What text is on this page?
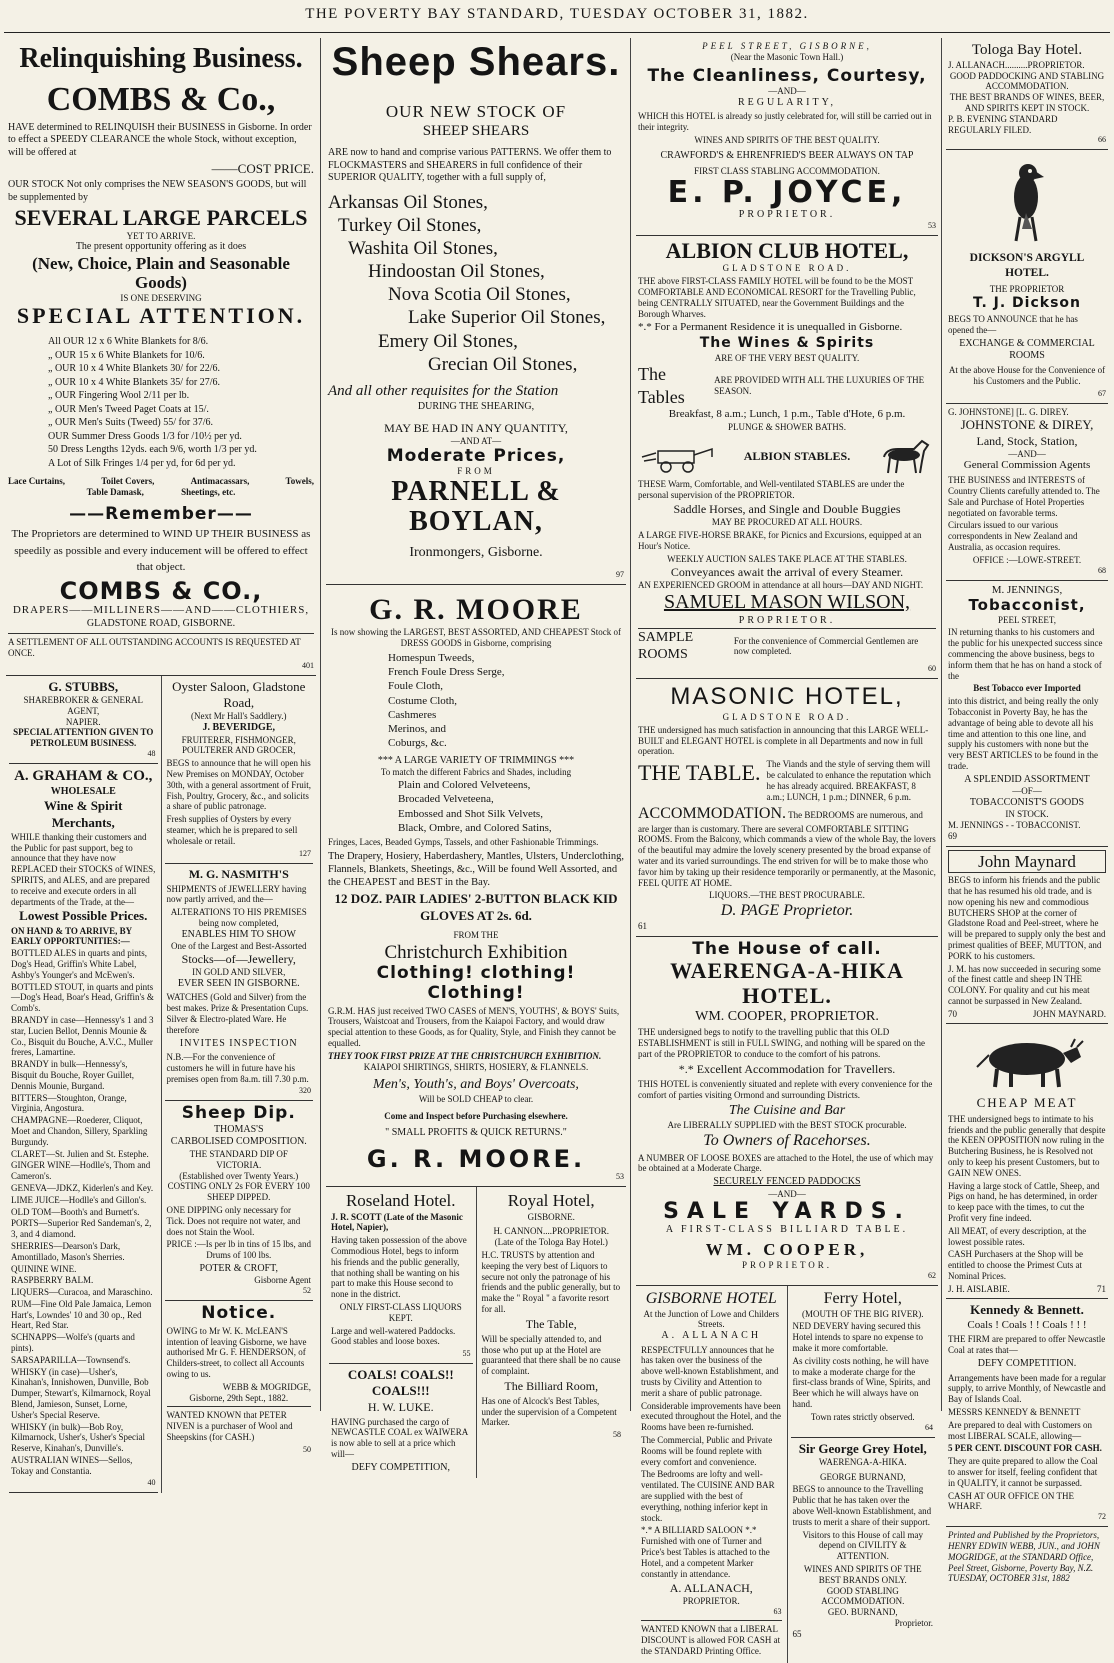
THE POVERTY BAY STANDARD, TUESDAY OCTOBER 31, 1882.
Relinquishing Business.
COMBS & Co.,

HAVE determined to RELINQUISH their BUSINESS in Gisborne. In order to effect a SPEEDY CLEARANCE the whole Stock, without exception, will be offered at

——COST PRICE.

OUR STOCK Not only comprises the NEW SEASON'S GOODS, but will be supplemented by

SEVERAL LARGE PARCELS
YET TO ARRIVE.
The present opportunity offering as it does
(New, Choice, Plain and Seasonable Goods)
IS ONE DESERVING
SPECIAL ATTENTION.
All OUR 12 x 6 White Blankets for 8/6.
„ OUR 15 x 6 White Blankets for 10/6.
„ OUR 10 x 4 White Blankets 30/ for 22/6.
„ OUR 10 x 4 White Blankets 35/ for 27/6.
„ OUR Fingering Wool 2/11 per lb.
„ OUR Men's Tweed Paget Coats at 15/.
„ OUR Men's Suits (Tweed) 55/ for 37/6.
OUR Summer Dress Goods 1/3 for /10½ per yd.
50 Dress Lengths 12yds. each 9/6, worth 1/3 per yd.
A Lot of Silk Fringes 1/4 per yd, for 6d per yd.
Lace Curtains,	Toilet Covers,	Antimacassars,	Towels,
Table Damask,	Sheetings, etc.
——Remember——

The Proprietors are determined to WIND UP THEIR BUSINESS as speedily as possible and every inducement will be offered to effect that object.

COMBS & CO.,
DRAPERS——MILLINERS——AND——CLOTHIERS,
GLADSTONE ROAD, GISBORNE.

A SETTLEMENT OF ALL OUTSTANDING ACCOUNTS IS REQUESTED AT ONCE.

401
G. STUBBS,
SHAREBROKER & GENERAL AGENT,
NAPIER.
SPECIAL ATTENTION GIVEN TO PETROLEUM BUSINESS.
48
A. GRAHAM & CO.,
WHOLESALE
Wine & Spirit Merchants,

WHILE thanking their customers and the Public for past support, beg to announce that they have now REPLACED their STOCKS of WINES, SPIRITS, and ALES, and are prepared to receive and execute orders in all departments of the Trade, at the—

Lowest Possible Prices.

ON HAND & TO ARRIVE, BY EARLY OPPORTUNITIES:—

BOTTLED ALES in quarts and pints, Dog's Head, Griffin's White Label, Ashby's Younger's and McEwen's.

BOTTLED STOUT, in quarts and pints—Dog's Head, Boar's Head, Griffin's & Comb's.

BRANDY in case—Hennessy's 1 and 3 star, Lucien Bellot, Dennis Mounie & Co., Bisquit du Bouche, A.V.C., Muller freres, Lamartine.

BRANDY in bulk—Hennessy's, Bisquit du Bouche, Royer Guillet, Dennis Mounie, Burgand.

BITTERS—Stoughton, Orange, Virginia, Angostura.

CHAMPAGNE—Roederer, Cliquot, Moet and Chandon, Sillery, Sparkling Burgundy.

CLARET—St. Julien and St. Estephe.

GINGER WINE—Hodlle's, Thom and Cameron's.

GENEVA—JDKZ, Kiderlen's and Key.

LIME JUICE—Hodlle's and Gillon's.

OLD TOM—Booth's and Burnett's.

PORTS—Superior Red Sandeman's, 2, 3, and 4 diamond.

SHERRIES—Dearson's Dark, Amontillado, Mason's Sherries.

QUININE WINE.

RASPBERRY BALM.

LIQUERS—Curacoa, and Maraschino.

RUM—Fine Old Pale Jamaica, Lemon Hart's, Lowndes' 10 and 30 op., Red Heart, Red Star.

SCHNAPPS—Wolfe's (quarts and pints).

SARSAPARILLA—Townsend's.

WHISKY (in case)—Usher's, Kinahan's, Innishowen, Dunville, Bob Dumper, Stewart's, Kilmarnock, Royal Blend, Jamieson, Sunset, Lorne, Usher's Special Reserve.

WHISKY (in bulk)—Bob Roy, Kilmarnock, Usher's, Usher's Special Reserve, Kinahan's, Dunville's.

AUSTRALIAN WINES—Sellos, Tokay and Constantia.

40
Oyster Saloon, Gladstone Road,
(Next Mr Hall's Saddlery.)
J. BEVERIDGE,
FRUITERER, FISHMONGER, POULTERER AND GROCER,

BEGS to announce that he will open his New Premises on MONDAY, October 30th, with a general assortment of Fruit, Fish, Poultry, Grocery, &c., and solicits a share of public patronage.

Fresh supplies of Oysters by every steamer, which he is prepared to sell wholesale or retail.

127
M. G. NASMITH'S

SHIPMENTS of JEWELLERY having now partly arrived, and the—

ALTERATIONS TO HIS PREMISES
being now completed,
ENABLES HIM TO SHOW
One of the Largest and Best-Assorted
Stocks—of—Jewellery,
IN GOLD AND SILVER,
EVER SEEN IN GISBORNE.

WATCHES (Gold and Silver) from the best makes. Prize & Presentation Cups. Silver & Electro-plated Ware. He therefore

INVITES INSPECTION

N.B.—For the convenience of customers he will in future have his premises open from 8a.m. till 7.30 p.m.

320
Sheep Dip.
THOMAS'S
CARBOLISED COMPOSITION.
THE STANDARD DIP OF VICTORIA.
(Established over Twenty Years.)
COSTING ONLY 2s FOR EVERY 100
SHEEP DIPPED.

ONE DIPPING only necessary for Tick. Does not require not water, and does not Stain the Wool.

PRICE :—Is per lb in tins of 15 lbs, and Drums of 100 lbs.

POTER & CROFT,
Gisborne Agent
52
Notice.

OWING to Mr W. K. McLEAN'S intention of leaving Gisborne, we have authorised Mr G. F. HENDERSON, of Childers-street, to collect all Accounts owing to us.

WEBB & MOGRIDGE,
Gisborne, 29th Sept., 1882.

WANTED KNOWN that PETER NIVEN is a purchaser of Wool and Sheepskins (for CASH.)

50
Sheep Shears.
OUR NEW STOCK OF
SHEEP SHEARS

ARE now to hand and comprise various PATTERNS. We offer them to FLOCKMASTERS and SHEARERS in full confidence of their SUPERIOR QUALITY, together with a full supply of,

Arkansas Oil Stones,
Turkey Oil Stones,
Washita Oil Stones,
Hindoostan Oil Stones,
Nova Scotia Oil Stones,
Lake Superior Oil Stones,
Emery Oil Stones,
Grecian Oil Stones,
And all other requisites for the Station
DURING THE SHEARING,
MAY BE HAD IN ANY QUANTITY,
—AND AT—
Moderate Prices,
FROM
PARNELL & BOYLAN,
Ironmongers, Gisborne.
97
G. R. MOORE

Is now showing the LARGEST, BEST ASSORTED, AND CHEAPEST Stock of DRESS GOODS in Gisborne, comprising

Homespun Tweeds,
French Foule Dress Serge,
Foule Cloth,
Costume Cloth,
Cashmeres
Merinos, and
Coburgs, &c.
*** A LARGE VARIETY OF TRIMMINGS ***
To match the different Fabrics and Shades, including
Plain and Colored Velveteens,
Brocaded Velveteena,
Embossed and Shot Silk Velvets,
Black, Ombre, and Colored Satins,

Fringes, Laces, Beaded Gymps, Tassels, and other Fashionable Trimmings.

The Drapery, Hosiery, Haberdashery, Mantles, Ulsters, Underclothing, Flannels, Blankets, Sheetings, &c., Will be found Well Assorted, and the CHEAPEST and BEST in the Bay.

12 DOZ. PAIR LADIES' 2-BUTTON BLACK KID GLOVES AT 2s. 6d.
FROM THE
Christchurch Exhibition
Clothing! clothing! Clothing!

G.R.M. HAS just received TWO CASES of MEN'S, YOUTHS', & BOYS' Suits, Trousers, Waistcoat and Trousers, from the Kaiapoi Factory, and would draw special attention to these Goods, as for Quality, Style, and Finish they cannot be equalled.

THEY TOOK FIRST PRIZE AT THE CHRISTCHURCH EXHIBITION.
KAIAPOI SHIRTINGS, SHIRTS, HOSIERY, & FLANNELS.
Men's, Youth's, and Boys' Overcoats,
Will be SOLD CHEAP to clear.
Come and Inspect before Purchasing elsewhere.
" SMALL PROFITS & QUICK RETURNS."
G. R. MOORE.
53
Roseland Hotel.
J. R. SCOTT (Late of the Masonic Hotel, Napier),

Having taken possession of the above Commodious Hotel, begs to inform his friends and the public generally, that nothing shall be wanting on his part to make this House second to none in the district.

ONLY FIRST-CLASS LIQUORS KEPT.

Large and well-watered Paddocks. Good stables and loose boxes.

55
COALS! COALS!! COALS!!!
H. W. LUKE.

HAVING purchased the cargo of NEWCASTLE COAL ex WAIWERA is now able to sell at a price which will—

DEFY COMPETITION,
Royal Hotel,
GISBORNE.
H. CANNON....PROPRIETOR.
(Late of the Tologa Bay Hotel.)

H.C. TRUSTS by attention and keeping the very best of Liquors to secure not only the patronage of his friends and the public generally, but to make the " Royal " a favorite resort for all.

The Table,

Will be specially attended to, and those who put up at the Hotel are guaranteed that there shall be no cause of complaint.

The Billiard Room,

Has one of Alcock's Best Tables, under the supervision of a Competent Marker.

58
PEEL STREET, GISBORNE,
(Near the Masonic Town Hall.)
The Cleanliness, Courtesy,
—AND—
REGULARITY,

WHICH this HOTEL is already so justly celebrated for, will still be carried out in their integrity.

WINES AND SPIRITS OF THE BEST QUALITY.
CRAWFORD'S & EHRENFRIED'S BEER ALWAYS ON TAP
FIRST CLASS STABLING ACCOMMODATION.
E. P. JOYCE,
PROPRIETOR.
53
ALBION CLUB HOTEL,
GLADSTONE ROAD.

THE above FIRST-CLASS FAMILY HOTEL will be found to be the MOST COMFORTABLE AND ECONOMICAL RESORT for the Travelling Public, being CENTRALLY SITUATED, near the Government Buildings and the Borough Wharves.

*.* For a Permanent Residence it is unequalled in Gisborne.
The Wines & Spirits
ARE OF THE VERY BEST QUALITY.
The Tables
ARE PROVIDED WITH ALL THE LUXURIES OF THE SEASON.
Breakfast, 8 a.m.; Lunch, 1 p.m., Table d'Hote, 6 p.m.
PLUNGE & SHOWER BATHS.
ALBION STABLES.

THESE Warm, Comfortable, and Well-ventilated STABLES are under the personal supervision of the PROPRIETOR.

Saddle Horses, and Single and Double Buggies
MAY BE PROCURED AT ALL HOURS.

A LARGE FIVE-HORSE BRAKE, for Picnics and Excursions, equipped at an Hour's Notice.

WEEKLY AUCTION SALES TAKE PLACE AT THE STABLES.
Conveyances await the arrival of every Steamer.
AN EXPERIENCED GROOM in attendance at all hours—DAY AND NIGHT.
SAMUEL MASON WILSON,
PROPRIETOR.
SAMPLE ROOMS
For the convenience of Commercial Gentlemen are now completed.
60
MASONIC HOTEL,
GLADSTONE ROAD.

THE undersigned has much satisfaction in announcing that this LARGE WELL-BUILT and ELEGANT HOTEL is complete in all Departments and now in full operation.

THE TABLE. The Viands and the style of serving them will be calculated to enhance the reputation which he has already acquired. BREAKFAST, 8 a.m.; LUNCH, 1 p.m.; DINNER, 6 p.m.

ACCOMMODATION. The BEDROOMS are numerous, and are larger than is customary. There are several COMFORTABLE SITTING ROOMS. From the Balcony, which commands a view of the whole Bay, the lovers of the beautiful may admire the lovely scenery presented by the broad expanse of water and its varied surroundings. The end striven for will be to make those who favor him by taking up their residence temporarily or permanently, at the Masonic, FEEL QUITE AT HOME.

LIQUORS.—THE BEST PROCURABLE.
D. PAGE Proprietor.
61
The House of call.
WAERENGA-A-HIKA HOTEL.
WM. COOPER, PROPRIETOR.

THE undersigned begs to notify to the travelling public that this OLD ESTABLISHMENT is still in FULL SWING, and nothing will be spared on the part of the PROPRIETOR to conduce to the comfort of his patrons.

*.* Excellent Accommodation for Travellers.

THIS HOTEL is conveniently situated and replete with every convenience for the comfort of parties visiting Ormond and surrounding Districts.

The Cuisine and Bar
Are LIBERALLY SUPPLIED with the BEST STOCK procurable.
To Owners of Racehorses.

A NUMBER OF LOOSE BOXES are attached to the Hotel, the use of which may be obtained at a Moderate Charge.

SECURELY FENCED PADDOCKS
—AND—
SALE YARDS.
A FIRST-CLASS BILLIARD TABLE.
WM. COOPER,
PROPRIETOR.
62
GISBORNE HOTEL
At the Junction of Lowe and Childers Streets.
A. ALLANACH

RESPECTFULLY announces that he has taken over the business of the above well-known Establishment, and trusts by Civility and Attention to merit a share of public patronage.

Considerable improvements have been executed throughout the Hotel, and the Rooms have been re-furnished.

The Commercial, Public and Private Rooms will be found replete with every comfort and convenience.

The Bedrooms are lofty and well-ventilated. The CUISINE AND BAR are supplied with the best of everything, nothing inferior kept in stock.

*.* A BILLIARD SALOON *.* Furnished with one of Turner and Price's best Tables is attached to the Hotel, and a competent Marker constantly in attendance.

A. ALLANACH,
PROPRIETOR.
63

WANTED KNOWN that a LIBERAL DISCOUNT is allowed FOR CASH at the STANDARD Printing Office.

Ferry Hotel,
(MOUTH OF THE BIG RIVER).

NED DEVERY having secured this Hotel intends to spare no expense to make it more comfortable.

As civility costs nothing, he will have to make a moderate charge for the first-class brands of Wine, Spirits, and Beer which he will always have on hand.

Town rates strictly observed.
64
Sir George Grey Hotel,
WAERENGA-A-HIKA.
GEORGE BURNAND,

BEGS to announce to the Travelling Public that he has taken over the above Well-known Establishment, and trusts to merit a share of their support.

Visitors to this House of call may depend on CIVILITY & ATTENTION.

WINES AND SPIRITS OF THE BEST BRANDS ONLY.
GOOD STABLING ACCOMMODATION.
GEO. BURNAND,
Proprietor.
65
Tologa Bay Hotel.
J. ALLANACH..........PROPRIETOR.
GOOD PADDOCKING AND STABLING ACCOMMODATION.
THE BEST BRANDS OF WINES, BEER, AND SPIRITS KEPT IN STOCK.
P. B. EVENING STANDARD REGULARLY FILED.
66
DICKSON'S ARGYLL HOTEL.
THE PROPRIETOR
T. J. Dickson

BEGS TO ANNOUNCE that he has opened the—

EXCHANGE & COMMERCIAL ROOMS

At the above House for the Convenience of his Customers and the Public.

67
G. JOHNSTONE] [L. G. DIREY.
JOHNSTONE & DIREY,
Land, Stock, Station,
—AND—
General Commission Agents

THE BUSINESS and INTERESTS of Country Clients carefully attended to. The Sale and Purchase of Hotel Properties negotiated on favorable terms.

Circulars issued to our various correspondents in New Zealand and Australia, as occasion requires.

OFFICE :—LOWE-STREET.
68
M. JENNINGS,
Tobacconist,
PEEL STREET,

IN returning thanks to his customers and the public for his unexpected success since commencing the above business, begs to inform them that he has on hand a stock of the

Best Tobacco ever Imported

into this district, and being really the only Tobacconist in Poverty Bay, he has the advantage of being able to devote all his time and attention to this one line, and supply his customers with none but the very BEST ARTICLES to be found in the trade.

A SPLENDID ASSORTMENT
—OF—
TOBACCONIST'S GOODS
IN STOCK.
M. JENNINGS - - TOBACCONIST.
69
John Maynard

BEGS to inform his friends and the public that he has resumed his old trade, and is now opening his new and commodious BUTCHERS SHOP at the corner of Gladstone Road and Peel-street, where he will be prepared to supply only the best and primest qualities of BEEF, MUTTON, and PORK to his customers.

J. M. has now succeeded in securing some of the finest cattle and sheep IN THE COLONY. For quality and cut his meat cannot be surpassed in New Zealand.

70	JOHN MAYNARD.
CHEAP MEAT

THE undersigned begs to intimate to his friends and the public generally that despite the KEEN OPPOSITION now ruling in the Butchering Business, he is Resolved not only to keep his present Customers, but to GAIN NEW ONES.

Having a large stock of Cattle, Sheep, and Pigs on hand, he has determined, in order to keep pace with the times, to cut the Profit very fine indeed.

All MEAT, of every description, at the lowest possible rates.

CASH Purchasers at the Shop will be entitled to choose the Primest Cuts at Nominal Prices.

J. H. AISLABIE.	71
Kennedy & Bennett.
Coals ! Coals ! ! Coals ! ! !

THE FIRM are prepared to offer Newcastle Coal at rates that—

DEFY COMPETITION.

Arrangements have been made for a regular supply, to arrive Monthly, of Newcastle and Bay of Islands Coal.

MESSRS KENNEDY & BENNETT

Are prepared to deal with Customers on most LIBERAL SCALE, allowing—

5 PER CENT. DISCOUNT FOR CASH.

They are quite prepared to allow the Coal to answer for itself, feeling confident that in QUALITY, it cannot be surpassed.

CASH AT OUR OFFICE ON THE WHARF.
72
Printed and Published by the Proprietors, HENRY EDWIN WEBB, JUN., and JOHN MOGRIDGE, at the STANDARD Office, Peel Street, Gisborne, Poverty Bay, N.Z.
TUESDAY, OCTOBER 31st, 1882
